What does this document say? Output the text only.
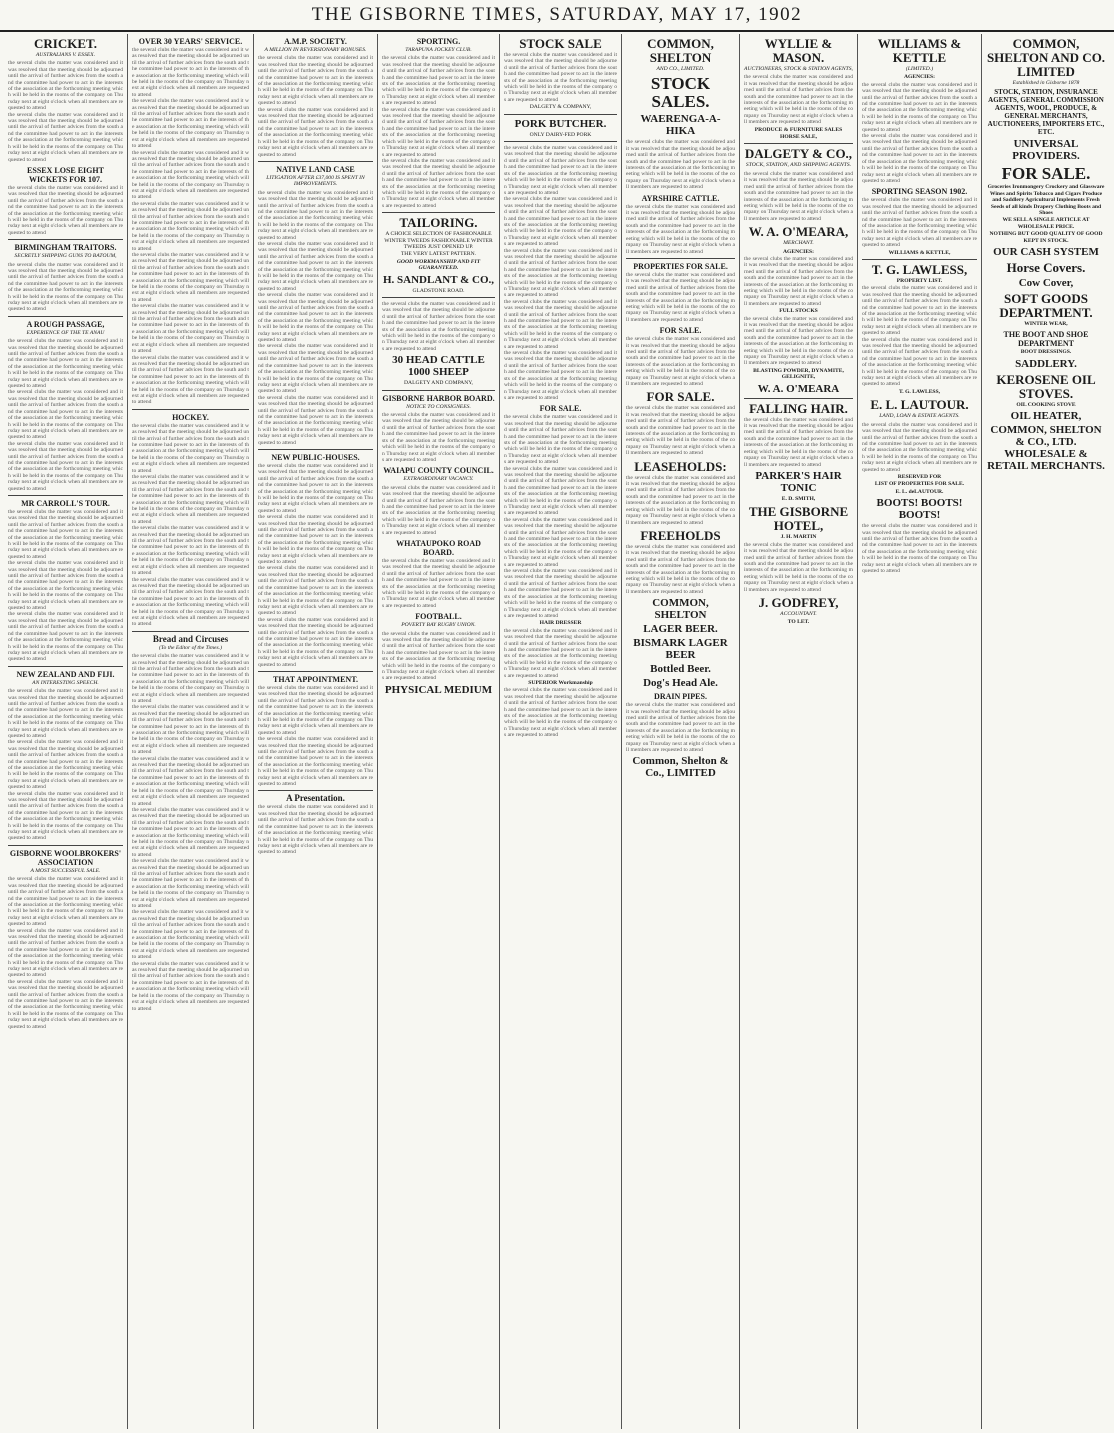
THE GISBORNE TIMES, SATURDAY, MAY 17, 1902
CRICKET.
AUSTRALIANS V. ESSEX.
the several clubs the matter was considered and it was resolved that the meeting should be adjourned until the arrival of further advices from the south and the committee had power to act in the interests of the association at the forthcoming meeting which will be held in the rooms of the company on Thursday next at eight o'clock when all members are requested to attend
the several clubs the matter was considered and it was resolved that the meeting should be adjourned until the arrival of further advices from the south and the committee had power to act in the interests of the association at the forthcoming meeting which will be held in the rooms of the company on Thursday next at eight o'clock when all members are requested to attend
ESSEX LOSE EIGHT WICKETS FOR 107.
the several clubs the matter was considered and it was resolved that the meeting should be adjourned until the arrival of further advices from the south and the committee had power to act in the interests of the association at the forthcoming meeting which will be held in the rooms of the company on Thursday next at eight o'clock when all members are requested to attend
BIRMINGHAM TRAITORS.
SECRETLY SHIPPING GUNS TO BATOUM,
the several clubs the matter was considered and it was resolved that the meeting should be adjourned until the arrival of further advices from the south and the committee had power to act in the interests of the association at the forthcoming meeting which will be held in the rooms of the company on Thursday next at eight o'clock when all members are requested to attend
A ROUGH PASSAGE,
EXPERIENCE OF THE TE ANAU
the several clubs the matter was considered and it was resolved that the meeting should be adjourned until the arrival of further advices from the south and the committee had power to act in the interests of the association at the forthcoming meeting which will be held in the rooms of the company on Thursday next at eight o'clock when all members are requested to attend
the several clubs the matter was considered and it was resolved that the meeting should be adjourned until the arrival of further advices from the south and the committee had power to act in the interests of the association at the forthcoming meeting which will be held in the rooms of the company on Thursday next at eight o'clock when all members are requested to attend
the several clubs the matter was considered and it was resolved that the meeting should be adjourned until the arrival of further advices from the south and the committee had power to act in the interests of the association at the forthcoming meeting which will be held in the rooms of the company on Thursday next at eight o'clock when all members are requested to attend
MR CARROLL'S TOUR.
the several clubs the matter was considered and it was resolved that the meeting should be adjourned until the arrival of further advices from the south and the committee had power to act in the interests of the association at the forthcoming meeting which will be held in the rooms of the company on Thursday next at eight o'clock when all members are requested to attend
the several clubs the matter was considered and it was resolved that the meeting should be adjourned until the arrival of further advices from the south and the committee had power to act in the interests of the association at the forthcoming meeting which will be held in the rooms of the company on Thursday next at eight o'clock when all members are requested to attend
the several clubs the matter was considered and it was resolved that the meeting should be adjourned until the arrival of further advices from the south and the committee had power to act in the interests of the association at the forthcoming meeting which will be held in the rooms of the company on Thursday next at eight o'clock when all members are requested to attend
NEW ZEALAND AND FIJI.
AN INTERESTING SPEECH.
the several clubs the matter was considered and it was resolved that the meeting should be adjourned until the arrival of further advices from the south and the committee had power to act in the interests of the association at the forthcoming meeting which will be held in the rooms of the company on Thursday next at eight o'clock when all members are requested to attend
the several clubs the matter was considered and it was resolved that the meeting should be adjourned until the arrival of further advices from the south and the committee had power to act in the interests of the association at the forthcoming meeting which will be held in the rooms of the company on Thursday next at eight o'clock when all members are requested to attend
the several clubs the matter was considered and it was resolved that the meeting should be adjourned until the arrival of further advices from the south and the committee had power to act in the interests of the association at the forthcoming meeting which will be held in the rooms of the company on Thursday next at eight o'clock when all members are requested to attend
GISBORNE WOOLBROKERS' ASSOCIATION
A MOST SUCCESSFUL SALE.
the several clubs the matter was considered and it was resolved that the meeting should be adjourned until the arrival of further advices from the south and the committee had power to act in the interests of the association at the forthcoming meeting which will be held in the rooms of the company on Thursday next at eight o'clock when all members are requested to attend
the several clubs the matter was considered and it was resolved that the meeting should be adjourned until the arrival of further advices from the south and the committee had power to act in the interests of the association at the forthcoming meeting which will be held in the rooms of the company on Thursday next at eight o'clock when all members are requested to attend
the several clubs the matter was considered and it was resolved that the meeting should be adjourned until the arrival of further advices from the south and the committee had power to act in the interests of the association at the forthcoming meeting which will be held in the rooms of the company on Thursday next at eight o'clock when all members are requested to attend
OVER 30 YEARS' SERVICE.
the several clubs the matter was considered and it was resolved that the meeting should be adjourned until the arrival of further advices from the south and the committee had power to act in the interests of the association at the forthcoming meeting which will be held in the rooms of the company on Thursday next at eight o'clock when all members are requested to attend
the several clubs the matter was considered and it was resolved that the meeting should be adjourned until the arrival of further advices from the south and the committee had power to act in the interests of the association at the forthcoming meeting which will be held in the rooms of the company on Thursday next at eight o'clock when all members are requested to attend
the several clubs the matter was considered and it was resolved that the meeting should be adjourned until the arrival of further advices from the south and the committee had power to act in the interests of the association at the forthcoming meeting which will be held in the rooms of the company on Thursday next at eight o'clock when all members are requested to attend
the several clubs the matter was considered and it was resolved that the meeting should be adjourned until the arrival of further advices from the south and the committee had power to act in the interests of the association at the forthcoming meeting which will be held in the rooms of the company on Thursday next at eight o'clock when all members are requested to attend
the several clubs the matter was considered and it was resolved that the meeting should be adjourned until the arrival of further advices from the south and the committee had power to act in the interests of the association at the forthcoming meeting which will be held in the rooms of the company on Thursday next at eight o'clock when all members are requested to attend
the several clubs the matter was considered and it was resolved that the meeting should be adjourned until the arrival of further advices from the south and the committee had power to act in the interests of the association at the forthcoming meeting which will be held in the rooms of the company on Thursday next at eight o'clock when all members are requested to attend
the several clubs the matter was considered and it was resolved that the meeting should be adjourned until the arrival of further advices from the south and the committee had power to act in the interests of the association at the forthcoming meeting which will be held in the rooms of the company on Thursday next at eight o'clock when all members are requested to attend
HOCKEY.
the several clubs the matter was considered and it was resolved that the meeting should be adjourned until the arrival of further advices from the south and the committee had power to act in the interests of the association at the forthcoming meeting which will be held in the rooms of the company on Thursday next at eight o'clock when all members are requested to attend
the several clubs the matter was considered and it was resolved that the meeting should be adjourned until the arrival of further advices from the south and the committee had power to act in the interests of the association at the forthcoming meeting which will be held in the rooms of the company on Thursday next at eight o'clock when all members are requested to attend
the several clubs the matter was considered and it was resolved that the meeting should be adjourned until the arrival of further advices from the south and the committee had power to act in the interests of the association at the forthcoming meeting which will be held in the rooms of the company on Thursday next at eight o'clock when all members are requested to attend
the several clubs the matter was considered and it was resolved that the meeting should be adjourned until the arrival of further advices from the south and the committee had power to act in the interests of the association at the forthcoming meeting which will be held in the rooms of the company on Thursday next at eight o'clock when all members are requested to attend
Bread and Circuses
(To the Editor of the Times.)
the several clubs the matter was considered and it was resolved that the meeting should be adjourned until the arrival of further advices from the south and the committee had power to act in the interests of the association at the forthcoming meeting which will be held in the rooms of the company on Thursday next at eight o'clock when all members are requested to attend
the several clubs the matter was considered and it was resolved that the meeting should be adjourned until the arrival of further advices from the south and the committee had power to act in the interests of the association at the forthcoming meeting which will be held in the rooms of the company on Thursday next at eight o'clock when all members are requested to attend
the several clubs the matter was considered and it was resolved that the meeting should be adjourned until the arrival of further advices from the south and the committee had power to act in the interests of the association at the forthcoming meeting which will be held in the rooms of the company on Thursday next at eight o'clock when all members are requested to attend
the several clubs the matter was considered and it was resolved that the meeting should be adjourned until the arrival of further advices from the south and the committee had power to act in the interests of the association at the forthcoming meeting which will be held in the rooms of the company on Thursday next at eight o'clock when all members are requested to attend
the several clubs the matter was considered and it was resolved that the meeting should be adjourned until the arrival of further advices from the south and the committee had power to act in the interests of the association at the forthcoming meeting which will be held in the rooms of the company on Thursday next at eight o'clock when all members are requested to attend
the several clubs the matter was considered and it was resolved that the meeting should be adjourned until the arrival of further advices from the south and the committee had power to act in the interests of the association at the forthcoming meeting which will be held in the rooms of the company on Thursday next at eight o'clock when all members are requested to attend
the several clubs the matter was considered and it was resolved that the meeting should be adjourned until the arrival of further advices from the south and the committee had power to act in the interests of the association at the forthcoming meeting which will be held in the rooms of the company on Thursday next at eight o'clock when all members are requested to attend
A.M.P. SOCIETY.
A MILLION IN REVERSIONARY BONUSES.
the several clubs the matter was considered and it was resolved that the meeting should be adjourned until the arrival of further advices from the south and the committee had power to act in the interests of the association at the forthcoming meeting which will be held in the rooms of the company on Thursday next at eight o'clock when all members are requested to attend
the several clubs the matter was considered and it was resolved that the meeting should be adjourned until the arrival of further advices from the south and the committee had power to act in the interests of the association at the forthcoming meeting which will be held in the rooms of the company on Thursday next at eight o'clock when all members are requested to attend
NATIVE LAND CASE
LITIGATION AFTER £37,000 IS SPENT IN IMPROVEMENTS.
the several clubs the matter was considered and it was resolved that the meeting should be adjourned until the arrival of further advices from the south and the committee had power to act in the interests of the association at the forthcoming meeting which will be held in the rooms of the company on Thursday next at eight o'clock when all members are requested to attend
the several clubs the matter was considered and it was resolved that the meeting should be adjourned until the arrival of further advices from the south and the committee had power to act in the interests of the association at the forthcoming meeting which will be held in the rooms of the company on Thursday next at eight o'clock when all members are requested to attend
the several clubs the matter was considered and it was resolved that the meeting should be adjourned until the arrival of further advices from the south and the committee had power to act in the interests of the association at the forthcoming meeting which will be held in the rooms of the company on Thursday next at eight o'clock when all members are requested to attend
the several clubs the matter was considered and it was resolved that the meeting should be adjourned until the arrival of further advices from the south and the committee had power to act in the interests of the association at the forthcoming meeting which will be held in the rooms of the company on Thursday next at eight o'clock when all members are requested to attend
the several clubs the matter was considered and it was resolved that the meeting should be adjourned until the arrival of further advices from the south and the committee had power to act in the interests of the association at the forthcoming meeting which will be held in the rooms of the company on Thursday next at eight o'clock when all members are requested to attend
NEW PUBLIC-HOUSES.
the several clubs the matter was considered and it was resolved that the meeting should be adjourned until the arrival of further advices from the south and the committee had power to act in the interests of the association at the forthcoming meeting which will be held in the rooms of the company on Thursday next at eight o'clock when all members are requested to attend
the several clubs the matter was considered and it was resolved that the meeting should be adjourned until the arrival of further advices from the south and the committee had power to act in the interests of the association at the forthcoming meeting which will be held in the rooms of the company on Thursday next at eight o'clock when all members are requested to attend
the several clubs the matter was considered and it was resolved that the meeting should be adjourned until the arrival of further advices from the south and the committee had power to act in the interests of the association at the forthcoming meeting which will be held in the rooms of the company on Thursday next at eight o'clock when all members are requested to attend
the several clubs the matter was considered and it was resolved that the meeting should be adjourned until the arrival of further advices from the south and the committee had power to act in the interests of the association at the forthcoming meeting which will be held in the rooms of the company on Thursday next at eight o'clock when all members are requested to attend
THAT APPOINTMENT.
the several clubs the matter was considered and it was resolved that the meeting should be adjourned until the arrival of further advices from the south and the committee had power to act in the interests of the association at the forthcoming meeting which will be held in the rooms of the company on Thursday next at eight o'clock when all members are requested to attend
the several clubs the matter was considered and it was resolved that the meeting should be adjourned until the arrival of further advices from the south and the committee had power to act in the interests of the association at the forthcoming meeting which will be held in the rooms of the company on Thursday next at eight o'clock when all members are requested to attend
A Presentation.
the several clubs the matter was considered and it was resolved that the meeting should be adjourned until the arrival of further advices from the south and the committee had power to act in the interests of the association at the forthcoming meeting which will be held in the rooms of the company on Thursday next at eight o'clock when all members are requested to attend
SPORTING.
TARAPUNA JOCKEY CLUB.
the several clubs the matter was considered and it was resolved that the meeting should be adjourned until the arrival of further advices from the south and the committee had power to act in the interests of the association at the forthcoming meeting which will be held in the rooms of the company on Thursday next at eight o'clock when all members are requested to attend
the several clubs the matter was considered and it was resolved that the meeting should be adjourned until the arrival of further advices from the south and the committee had power to act in the interests of the association at the forthcoming meeting which will be held in the rooms of the company on Thursday next at eight o'clock when all members are requested to attend
the several clubs the matter was considered and it was resolved that the meeting should be adjourned until the arrival of further advices from the south and the committee had power to act in the interests of the association at the forthcoming meeting which will be held in the rooms of the company on Thursday next at eight o'clock when all members are requested to attend
TAILORING.
A CHOICE SELECTION OF FASHIONABLE WINTER TWEEDS FASHIONABLE WINTER TWEEDS JUST OPENED UP.
THE VERY LATEST PATTERN.
GOOD WORKMANSHIP AND FIT GUARANTEED.
H. SANDLANT & CO.,
GLADSTONE ROAD.
the several clubs the matter was considered and it was resolved that the meeting should be adjourned until the arrival of further advices from the south and the committee had power to act in the interests of the association at the forthcoming meeting which will be held in the rooms of the company on Thursday next at eight o'clock when all members are requested to attend
30 HEAD CATTLE 1000 SHEEP
DALGETY AND COMPANY,
GISBORNE HARBOR BOARD.
NOTICE TO CONSIGNEES.
the several clubs the matter was considered and it was resolved that the meeting should be adjourned until the arrival of further advices from the south and the committee had power to act in the interests of the association at the forthcoming meeting which will be held in the rooms of the company on Thursday next at eight o'clock when all members are requested to attend
WAIAPU COUNTY COUNCIL.
EXTRAORDINARY VACANCY.
the several clubs the matter was considered and it was resolved that the meeting should be adjourned until the arrival of further advices from the south and the committee had power to act in the interests of the association at the forthcoming meeting which will be held in the rooms of the company on Thursday next at eight o'clock when all members are requested to attend
WHATAUPOKO ROAD BOARD.
the several clubs the matter was considered and it was resolved that the meeting should be adjourned until the arrival of further advices from the south and the committee had power to act in the interests of the association at the forthcoming meeting which will be held in the rooms of the company on Thursday next at eight o'clock when all members are requested to attend
FOOTBALL.
POVERTY BAY RUGBY UNION.
the several clubs the matter was considered and it was resolved that the meeting should be adjourned until the arrival of further advices from the south and the committee had power to act in the interests of the association at the forthcoming meeting which will be held in the rooms of the company on Thursday next at eight o'clock when all members are requested to attend
PHYSICAL MEDIUM
STOCK SALE
the several clubs the matter was considered and it was resolved that the meeting should be adjourned until the arrival of further advices from the south and the committee had power to act in the interests of the association at the forthcoming meeting which will be held in the rooms of the company on Thursday next at eight o'clock when all members are requested to attend
DALGETY & COMPANY,
PORK BUTCHER.
ONLY DAIRY-FED PORK
the several clubs the matter was considered and it was resolved that the meeting should be adjourned until the arrival of further advices from the south and the committee had power to act in the interests of the association at the forthcoming meeting which will be held in the rooms of the company on Thursday next at eight o'clock when all members are requested to attend
the several clubs the matter was considered and it was resolved that the meeting should be adjourned until the arrival of further advices from the south and the committee had power to act in the interests of the association at the forthcoming meeting which will be held in the rooms of the company on Thursday next at eight o'clock when all members are requested to attend
the several clubs the matter was considered and it was resolved that the meeting should be adjourned until the arrival of further advices from the south and the committee had power to act in the interests of the association at the forthcoming meeting which will be held in the rooms of the company on Thursday next at eight o'clock when all members are requested to attend
the several clubs the matter was considered and it was resolved that the meeting should be adjourned until the arrival of further advices from the south and the committee had power to act in the interests of the association at the forthcoming meeting which will be held in the rooms of the company on Thursday next at eight o'clock when all members are requested to attend
the several clubs the matter was considered and it was resolved that the meeting should be adjourned until the arrival of further advices from the south and the committee had power to act in the interests of the association at the forthcoming meeting which will be held in the rooms of the company on Thursday next at eight o'clock when all members are requested to attend
FOR SALE.
the several clubs the matter was considered and it was resolved that the meeting should be adjourned until the arrival of further advices from the south and the committee had power to act in the interests of the association at the forthcoming meeting which will be held in the rooms of the company on Thursday next at eight o'clock when all members are requested to attend
the several clubs the matter was considered and it was resolved that the meeting should be adjourned until the arrival of further advices from the south and the committee had power to act in the interests of the association at the forthcoming meeting which will be held in the rooms of the company on Thursday next at eight o'clock when all members are requested to attend
the several clubs the matter was considered and it was resolved that the meeting should be adjourned until the arrival of further advices from the south and the committee had power to act in the interests of the association at the forthcoming meeting which will be held in the rooms of the company on Thursday next at eight o'clock when all members are requested to attend
the several clubs the matter was considered and it was resolved that the meeting should be adjourned until the arrival of further advices from the south and the committee had power to act in the interests of the association at the forthcoming meeting which will be held in the rooms of the company on Thursday next at eight o'clock when all members are requested to attend
HAIR DRESSER
the several clubs the matter was considered and it was resolved that the meeting should be adjourned until the arrival of further advices from the south and the committee had power to act in the interests of the association at the forthcoming meeting which will be held in the rooms of the company on Thursday next at eight o'clock when all members are requested to attend
SUPERIOR Workmanship
the several clubs the matter was considered and it was resolved that the meeting should be adjourned until the arrival of further advices from the south and the committee had power to act in the interests of the association at the forthcoming meeting which will be held in the rooms of the company on Thursday next at eight o'clock when all members are requested to attend
COMMON, SHELTON
AND CO., LIMITED.
STOCK SALES.
WAERENGA-A-HIKA
the several clubs the matter was considered and it was resolved that the meeting should be adjourned until the arrival of further advices from the south and the committee had power to act in the interests of the association at the forthcoming meeting which will be held in the rooms of the company on Thursday next at eight o'clock when all members are requested to attend
AYRSHIRE CATTLE.
the several clubs the matter was considered and it was resolved that the meeting should be adjourned until the arrival of further advices from the south and the committee had power to act in the interests of the association at the forthcoming meeting which will be held in the rooms of the company on Thursday next at eight o'clock when all members are requested to attend
PROPERTIES FOR SALE.
the several clubs the matter was considered and it was resolved that the meeting should be adjourned until the arrival of further advices from the south and the committee had power to act in the interests of the association at the forthcoming meeting which will be held in the rooms of the company on Thursday next at eight o'clock when all members are requested to attend
FOR SALE.
the several clubs the matter was considered and it was resolved that the meeting should be adjourned until the arrival of further advices from the south and the committee had power to act in the interests of the association at the forthcoming meeting which will be held in the rooms of the company on Thursday next at eight o'clock when all members are requested to attend
FOR SALE.
the several clubs the matter was considered and it was resolved that the meeting should be adjourned until the arrival of further advices from the south and the committee had power to act in the interests of the association at the forthcoming meeting which will be held in the rooms of the company on Thursday next at eight o'clock when all members are requested to attend
LEASEHOLDS:
the several clubs the matter was considered and it was resolved that the meeting should be adjourned until the arrival of further advices from the south and the committee had power to act in the interests of the association at the forthcoming meeting which will be held in the rooms of the company on Thursday next at eight o'clock when all members are requested to attend
FREEHOLDS
the several clubs the matter was considered and it was resolved that the meeting should be adjourned until the arrival of further advices from the south and the committee had power to act in the interests of the association at the forthcoming meeting which will be held in the rooms of the company on Thursday next at eight o'clock when all members are requested to attend
COMMON, SHELTON
LAGER BEER.
BISMARK LAGER BEER
Bottled Beer.
Dog's Head Ale.
DRAIN PIPES.
the several clubs the matter was considered and it was resolved that the meeting should be adjourned until the arrival of further advices from the south and the committee had power to act in the interests of the association at the forthcoming meeting which will be held in the rooms of the company on Thursday next at eight o'clock when all members are requested to attend
Common, Shelton & Co., LIMITED
WYLLIE & MASON.
AUCTIONEERS, STOCK & STATION AGENTS,
the several clubs the matter was considered and it was resolved that the meeting should be adjourned until the arrival of further advices from the south and the committee had power to act in the interests of the association at the forthcoming meeting which will be held in the rooms of the company on Thursday next at eight o'clock when all members are requested to attend
PRODUCE & FURNITURE SALES
HORSE SALE,
DALGETY & CO.,
STOCK, STATION, AND SHIPPING AGENTS.
the several clubs the matter was considered and it was resolved that the meeting should be adjourned until the arrival of further advices from the south and the committee had power to act in the interests of the association at the forthcoming meeting which will be held in the rooms of the company on Thursday next at eight o'clock when all members are requested to attend
W. A. O'MEARA,
MERCHANT.
AGENCIES:
the several clubs the matter was considered and it was resolved that the meeting should be adjourned until the arrival of further advices from the south and the committee had power to act in the interests of the association at the forthcoming meeting which will be held in the rooms of the company on Thursday next at eight o'clock when all members are requested to attend
FULL STOCKS
the several clubs the matter was considered and it was resolved that the meeting should be adjourned until the arrival of further advices from the south and the committee had power to act in the interests of the association at the forthcoming meeting which will be held in the rooms of the company on Thursday next at eight o'clock when all members are requested to attend
BLASTING POWDER, DYNAMITE, GELIGNITE,
W. A. O'MEARA
FALLING HAIR.
the several clubs the matter was considered and it was resolved that the meeting should be adjourned until the arrival of further advices from the south and the committee had power to act in the interests of the association at the forthcoming meeting which will be held in the rooms of the company on Thursday next at eight o'clock when all members are requested to attend
PARKER'S HAIR TONIC
E. D. SMITH,
THE GISBORNE HOTEL,
J. H. MARTIN
the several clubs the matter was considered and it was resolved that the meeting should be adjourned until the arrival of further advices from the south and the committee had power to act in the interests of the association at the forthcoming meeting which will be held in the rooms of the company on Thursday next at eight o'clock when all members are requested to attend
J. GODFREY,
ACCOUNTANT.
TO LET.
WILLIAMS & KETTLE
(LIMITED.)
AGENCIES:
the several clubs the matter was considered and it was resolved that the meeting should be adjourned until the arrival of further advices from the south and the committee had power to act in the interests of the association at the forthcoming meeting which will be held in the rooms of the company on Thursday next at eight o'clock when all members are requested to attend
the several clubs the matter was considered and it was resolved that the meeting should be adjourned until the arrival of further advices from the south and the committee had power to act in the interests of the association at the forthcoming meeting which will be held in the rooms of the company on Thursday next at eight o'clock when all members are requested to attend
SPORTING SEASON 1902.
the several clubs the matter was considered and it was resolved that the meeting should be adjourned until the arrival of further advices from the south and the committee had power to act in the interests of the association at the forthcoming meeting which will be held in the rooms of the company on Thursday next at eight o'clock when all members are requested to attend
WILLIAMS & KETTLE,
T. G. LAWLESS,
PROPERTY LIST.
the several clubs the matter was considered and it was resolved that the meeting should be adjourned until the arrival of further advices from the south and the committee had power to act in the interests of the association at the forthcoming meeting which will be held in the rooms of the company on Thursday next at eight o'clock when all members are requested to attend
the several clubs the matter was considered and it was resolved that the meeting should be adjourned until the arrival of further advices from the south and the committee had power to act in the interests of the association at the forthcoming meeting which will be held in the rooms of the company on Thursday next at eight o'clock when all members are requested to attend
T. G. LAWLESS,
E. L. LAUTOUR.
LAND, LOAN & ESTATE AGENTS.
the several clubs the matter was considered and it was resolved that the meeting should be adjourned until the arrival of further advices from the south and the committee had power to act in the interests of the association at the forthcoming meeting which will be held in the rooms of the company on Thursday next at eight o'clock when all members are requested to attend
RESERVED FOR
LIST OF PROPERTIES FOR SALE.
E. L. deLAUTOUR.
BOOTS! BOOTS! BOOTS!
the several clubs the matter was considered and it was resolved that the meeting should be adjourned until the arrival of further advices from the south and the committee had power to act in the interests of the association at the forthcoming meeting which will be held in the rooms of the company on Thursday next at eight o'clock when all members are requested to attend
COMMON, SHELTON AND CO. LIMITED
Established in Gisborne 1878
STOCK, STATION, INSURANCE AGENTS, GENERAL COMMISSION AGENTS, WOOL, PRODUCE, & GENERAL MERCHANTS, AUCTIONEERS, IMPORTERS ETC., ETC.
UNIVERSAL PROVIDERS.
FOR SALE.
Groceries Ironmongery Crockery and Glassware Wines and Spirits Tobacco and Cigars Produce and Saddlery Agricultural Implements Fresh Seeds of all kinds Drapery Clothing Boots and Shoes
WE SELL A SINGLE ARTICLE AT WHOLESALE PRICE.
NOTHING BUT GOOD QUALITY OF GOOD KEPT IN STOCK.
OUR CASH SYSTEM
Horse Covers.
Cow Cover,
SOFT GOODS DEPARTMENT.
WINTER WEAR,
THE BOOT AND SHOE DEPARTMENT
BOOT DRESSINGS.
SADDLERY.
KEROSENE OIL STOVES.
OIL COOKING STOVE
OIL HEATER,
COMMON, SHELTON & CO., LTD. WHOLESALE & RETAIL MERCHANTS.
